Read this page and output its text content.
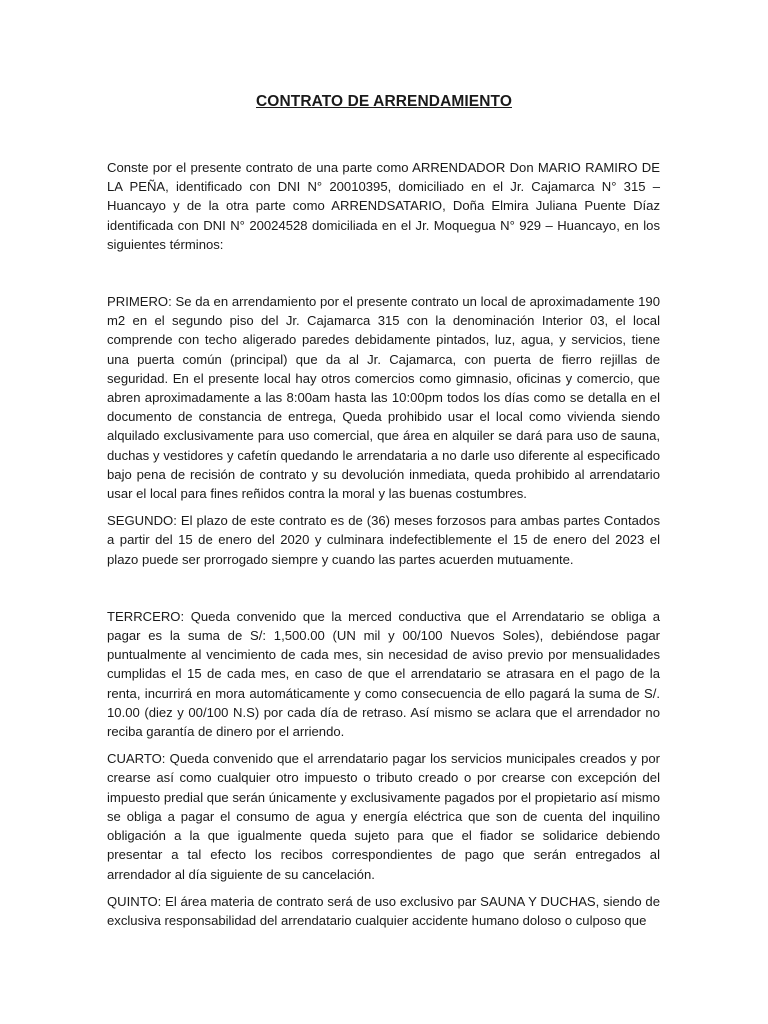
CONTRATO DE ARRENDAMIENTO

Conste por el presente contrato de una parte como ARRENDADOR Don MARIO RAMIRO DE LA PEÑA, identificado con DNI N° 20010395, domiciliado en el Jr. Cajamarca N° 315 – Huancayo y de la otra parte como ARRENDSATARIO, Doña Elmira Juliana Puente Díaz identificada con DNI N° 20024528 domiciliada en el Jr. Moquegua N° 929 – Huancayo, en los siguientes términos:

PRIMERO: Se da en arrendamiento por el presente contrato un local de aproximadamente 190 m2 en el segundo piso del Jr. Cajamarca 315 con la denominación Interior 03, el local comprende con techo aligerado paredes debidamente pintados, luz, agua, y servicios, tiene una puerta común (principal) que da al Jr. Cajamarca, con puerta de fierro rejillas de seguridad. En el presente local hay otros comercios como gimnasio, oficinas y comercio, que abren aproximadamente a las 8:00am hasta las 10:00pm todos los días como se detalla en el documento de constancia de entrega, Queda prohibido usar el local como vivienda siendo alquilado exclusivamente para uso comercial, que área en alquiler se dará para uso de sauna, duchas y vestidores y cafetín quedando le arrendataria a no darle uso diferente al especificado bajo pena de recisión de contrato y su devolución inmediata, queda prohibido al arrendatario usar el local para fines reñidos contra la moral y las buenas costumbres.

SEGUNDO: El plazo de este contrato es de (36) meses forzosos para ambas partes Contados a partir del 15 de enero del 2020 y culminara indefectiblemente el 15 de enero del 2023 el plazo puede ser prorrogado siempre y cuando las partes acuerden mutuamente.

TERRCERO: Queda convenido que la merced conductiva que el Arrendatario se obliga a pagar es la suma de S/: 1,500.00 (UN mil y 00/100 Nuevos Soles), debiéndose pagar puntualmente al vencimiento de cada mes, sin necesidad de aviso previo por mensualidades cumplidas el 15 de cada mes, en caso de que el arrendatario se atrasara en el pago de la renta, incurrirá en mora automáticamente y como consecuencia de ello pagará la suma de S/. 10.00 (diez y 00/100 N.S) por cada día de retraso. Así mismo se aclara que el arrendador no reciba garantía de dinero por el arriendo.

CUARTO: Queda convenido que el arrendatario pagar los servicios municipales creados y por crearse así como cualquier otro impuesto o tributo creado o por crearse con excepción del impuesto predial que serán únicamente y exclusivamente pagados por el propietario así mismo se obliga a pagar el consumo de agua y energía eléctrica que son de cuenta del inquilino obligación a la que igualmente queda sujeto para que el fiador se solidarice debiendo presentar a tal efecto los recibos correspondientes de pago que serán entregados al arrendador al día siguiente de su cancelación.

QUINTO: El área materia de contrato será de uso exclusivo par SAUNA Y DUCHAS, siendo de exclusiva responsabilidad del arrendatario cualquier accidente humano doloso o culposo que
